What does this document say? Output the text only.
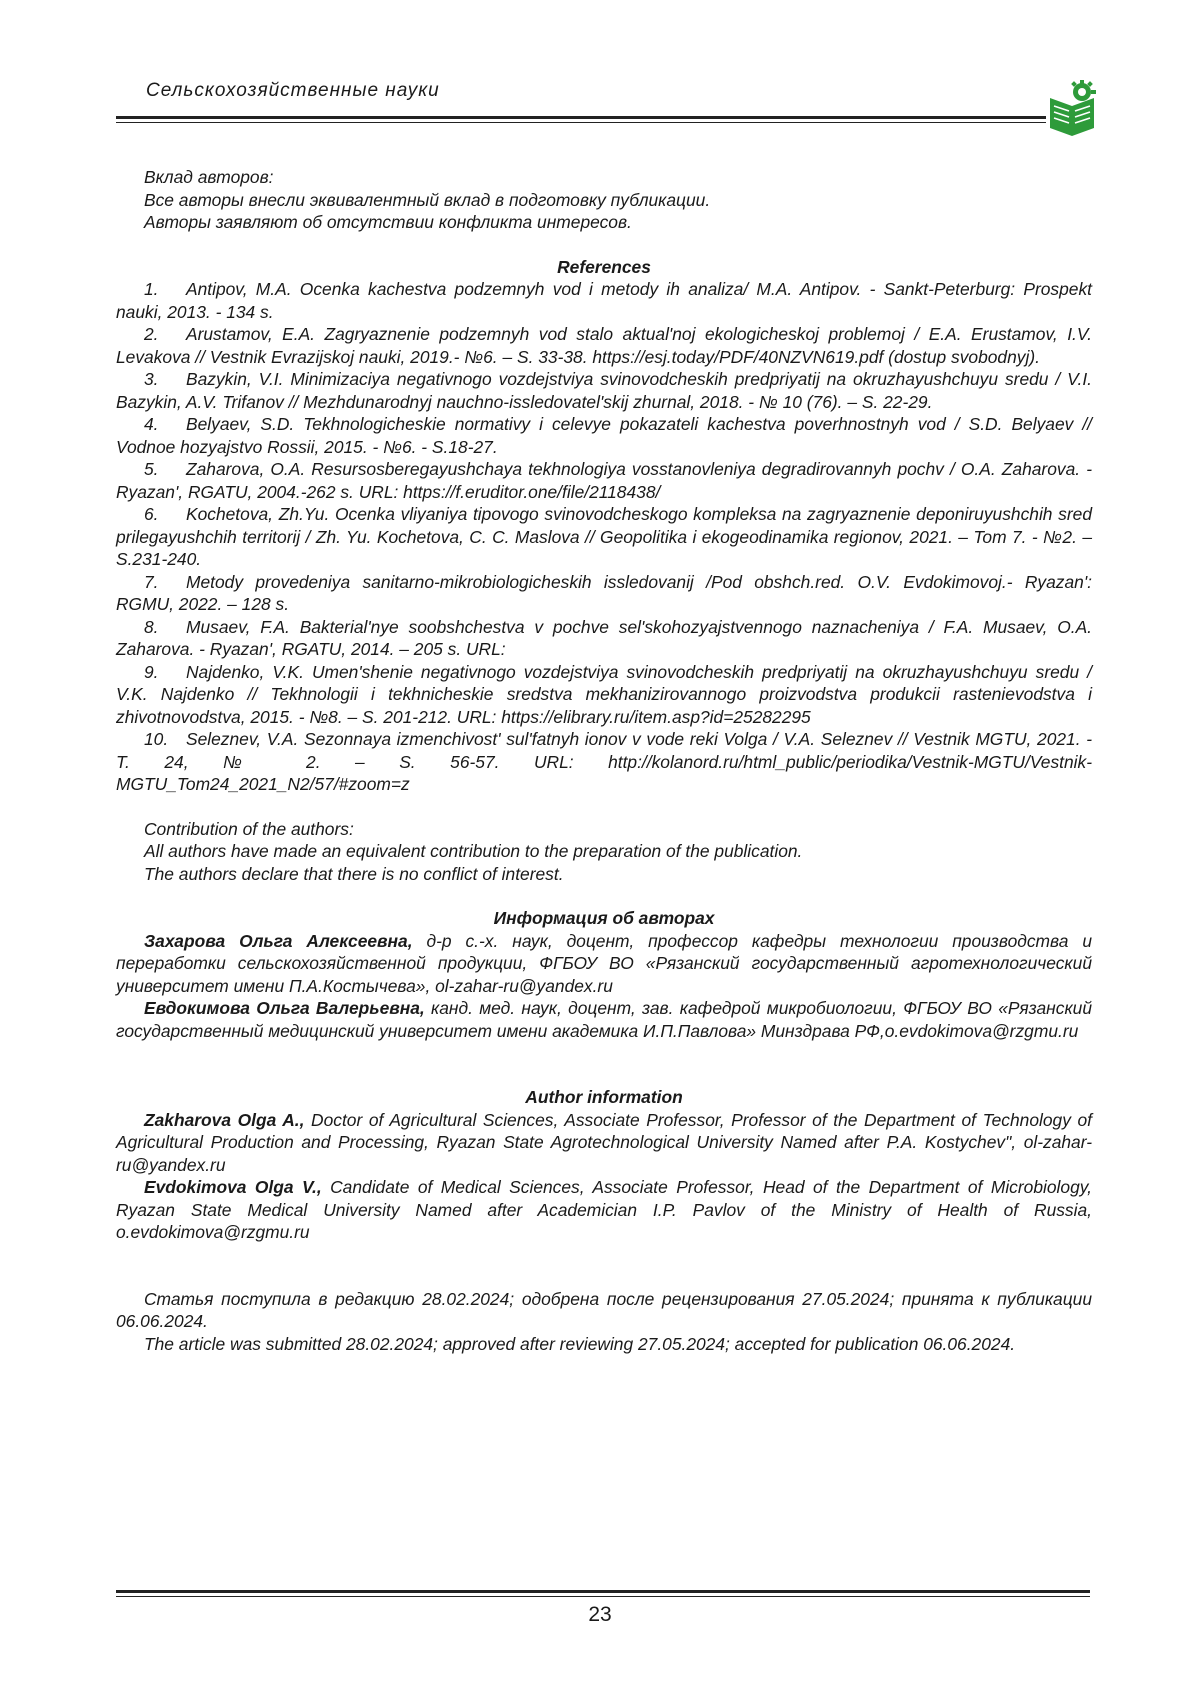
Сельскохозяйственные науки

Вклад авторов:

Все авторы внесли эквивалентный вклад в подготовку публикации.

Авторы заявляют об отсутствии конфликта интересов.

References

1. Antipov, M.A. Ocenka kachestva podzemnyh vod i metody ih analiza/ M.A. Antipov. - Sankt-Peterburg: Prospekt nauki, 2013. - 134 s.

2. Arustamov, E.A. Zagryaznenie podzemnyh vod stalo aktual'noj ekologicheskoj problemoj / E.A. Erustamov, I.V. Levakova // Vestnik Evrazijskoj nauki, 2019.- №6. – S. 33-38. https://esj.today/PDF/40NZVN619.pdf (dostup svobodnyj).

3. Bazykin, V.I. Minimizaciya negativnogo vozdejstviya svinovodcheskih predpriyatij na okruzhayushchuyu sredu / V.I. Bazykin, A.V. Trifanov // Mezhdunarodnyj nauchno-issledovatel'skij zhurnal, 2018. - № 10 (76). – S. 22-29.

4. Belyaev, S.D. Tekhnologicheskie normativy i celevye pokazateli kachestva poverhnostnyh vod / S.D. Belyaev // Vodnoe hozyajstvo Rossii, 2015. - №6. - S.18-27.

5. Zaharova, O.A. Resursosberegayushchaya tekhnologiya vosstanovleniya degradirovannyh pochv / O.A. Zaharova. - Ryazan', RGATU, 2004.-262 s. URL: https://f.eruditor.one/file/2118438/

6. Kochetova, Zh.Yu. Ocenka vliyaniya tipovogo svinovodcheskogo kompleksa na zagryaznenie deponiruyushchih sred prilegayushchih territorij / Zh. Yu. Kochetova, C. C. Maslova // Geopolitika i ekogeodinamika regionov, 2021. – Tom 7. - №2. – S.231-240.

7. Metody provedeniya sanitarno-mikrobiologicheskih issledovanij /Pod obshch.red. O.V. Evdokimovoj.- Ryazan': RGMU, 2022. – 128 s.

8. Musaev, F.A. Bakterial'nye soobshchestva v pochve sel'skohozyajstvennogo naznacheniya / F.A. Musaev, O.A. Zaharova. - Ryazan', RGATU, 2014. – 205 s. URL:

9. Najdenko, V.K. Umen'shenie negativnogo vozdejstviya svinovodcheskih predpriyatij na okruzhayushchuyu sredu / V.K. Najdenko // Tekhnologii i tekhnicheskie sredstva mekhanizirovannogo proizvodstva produkcii rastenievodstva i zhivotnovodstva, 2015. - №8. – S. 201-212. URL: https://elibrary.ru/item.asp?id=25282295

10. Seleznev, V.A. Sezonnaya izmenchivost' sul'fatnyh ionov v vode reki Volga / V.A. Seleznev // Vestnik MGTU, 2021. - T. 24, № 2. – S. 56-57. URL: http://kolanord.ru/html_public/periodika/Vestnik-MGTU/Vestnik-MGTU_Tom24_2021_N2/57/#zoom=z

Contribution of the authors:

All authors have made an equivalent contribution to the preparation of the publication.

The authors declare that there is no conflict of interest.

Информация об авторах

Захарова Ольга Алексеевна, д-р с.-х. наук, доцент, профессор кафедры технологии производства и переработки сельскохозяйственной продукции, ФГБОУ ВО «Рязанский государственный агротехнологический университет имени П.А.Костычева», ol-zahar-ru@yandex.ru

Евдокимова Ольга Валерьевна, канд. мед. наук, доцент, зав. кафедрой микробиологии, ФГБОУ ВО «Рязанский государственный медицинский университет имени академика И.П.Павлова» Минздрава РФ,o.evdokimova@rzgmu.ru

Author information

Zakharova Olga A., Doctor of Agricultural Sciences, Associate Professor, Professor of the Department of Technology of Agricultural Production and Processing, Ryazan State Agrotechnological University Named after P.A. Kostychev", ol-zahar-ru@yandex.ru

Evdokimova Olga V., Candidate of Medical Sciences, Associate Professor, Head of the Department of Microbiology, Ryazan State Medical University Named after Academician I.P. Pavlov of the Ministry of Health of Russia, o.evdokimova@rzgmu.ru

Статья поступила в редакцию 28.02.2024; одобрена после рецензирования 27.05.2024; принята к публикации 06.06.2024.

The article was submitted 28.02.2024; approved after reviewing 27.05.2024; accepted for publication 06.06.2024.

23
